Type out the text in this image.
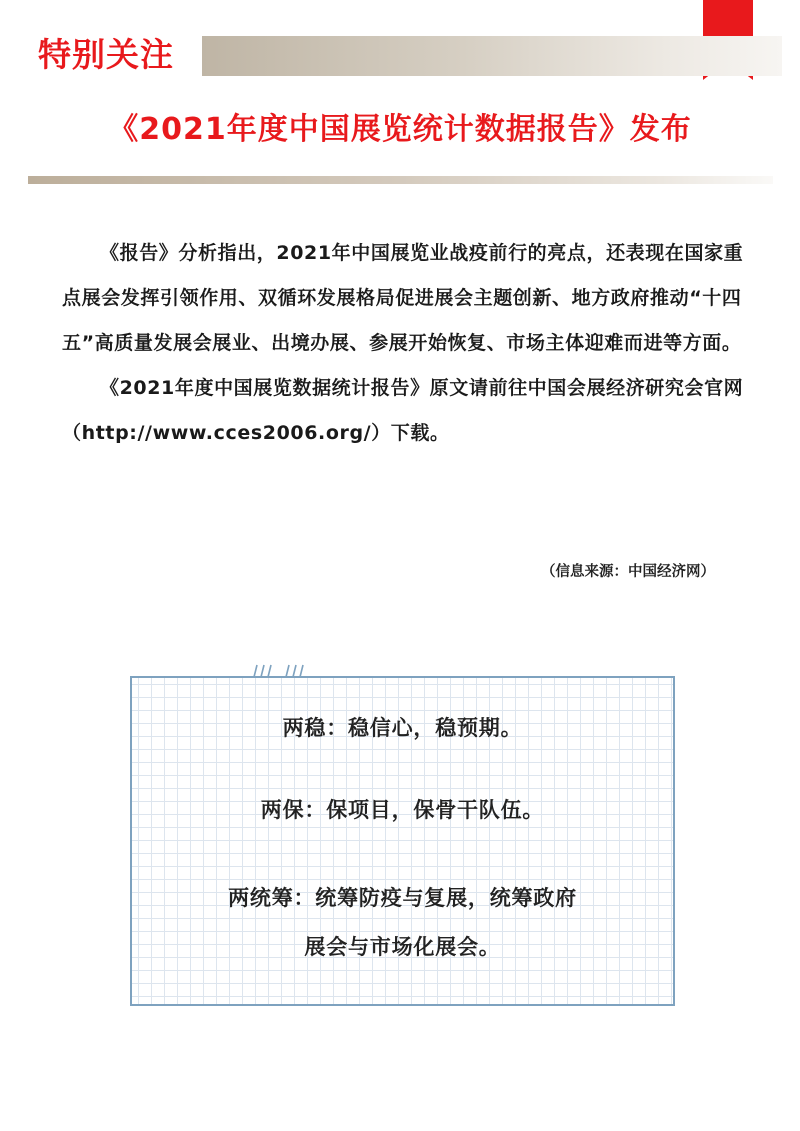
特别关注
《2021年度中国展览统计数据报告》发布

《报告》分析指出，2021年中国展览业战疫前行的亮点，还表现在国家重点展会发挥引领作用、双循环发展格局促进展会主题创新、地方政府推动“十四五”高质量发展会展业、出境办展、参展开始恢复、市场主体迎难而进等方面。

《2021年度中国展览数据统计报告》原文请前往中国会展经济研究会官网（http://www.cces2006.org/）下载。

（信息来源：中国经济网）
两稳：稳信心，稳预期。
两保：保项目，保骨干队伍。
两统筹：统筹防疫与复展，统筹政府
展会与市场化展会。
